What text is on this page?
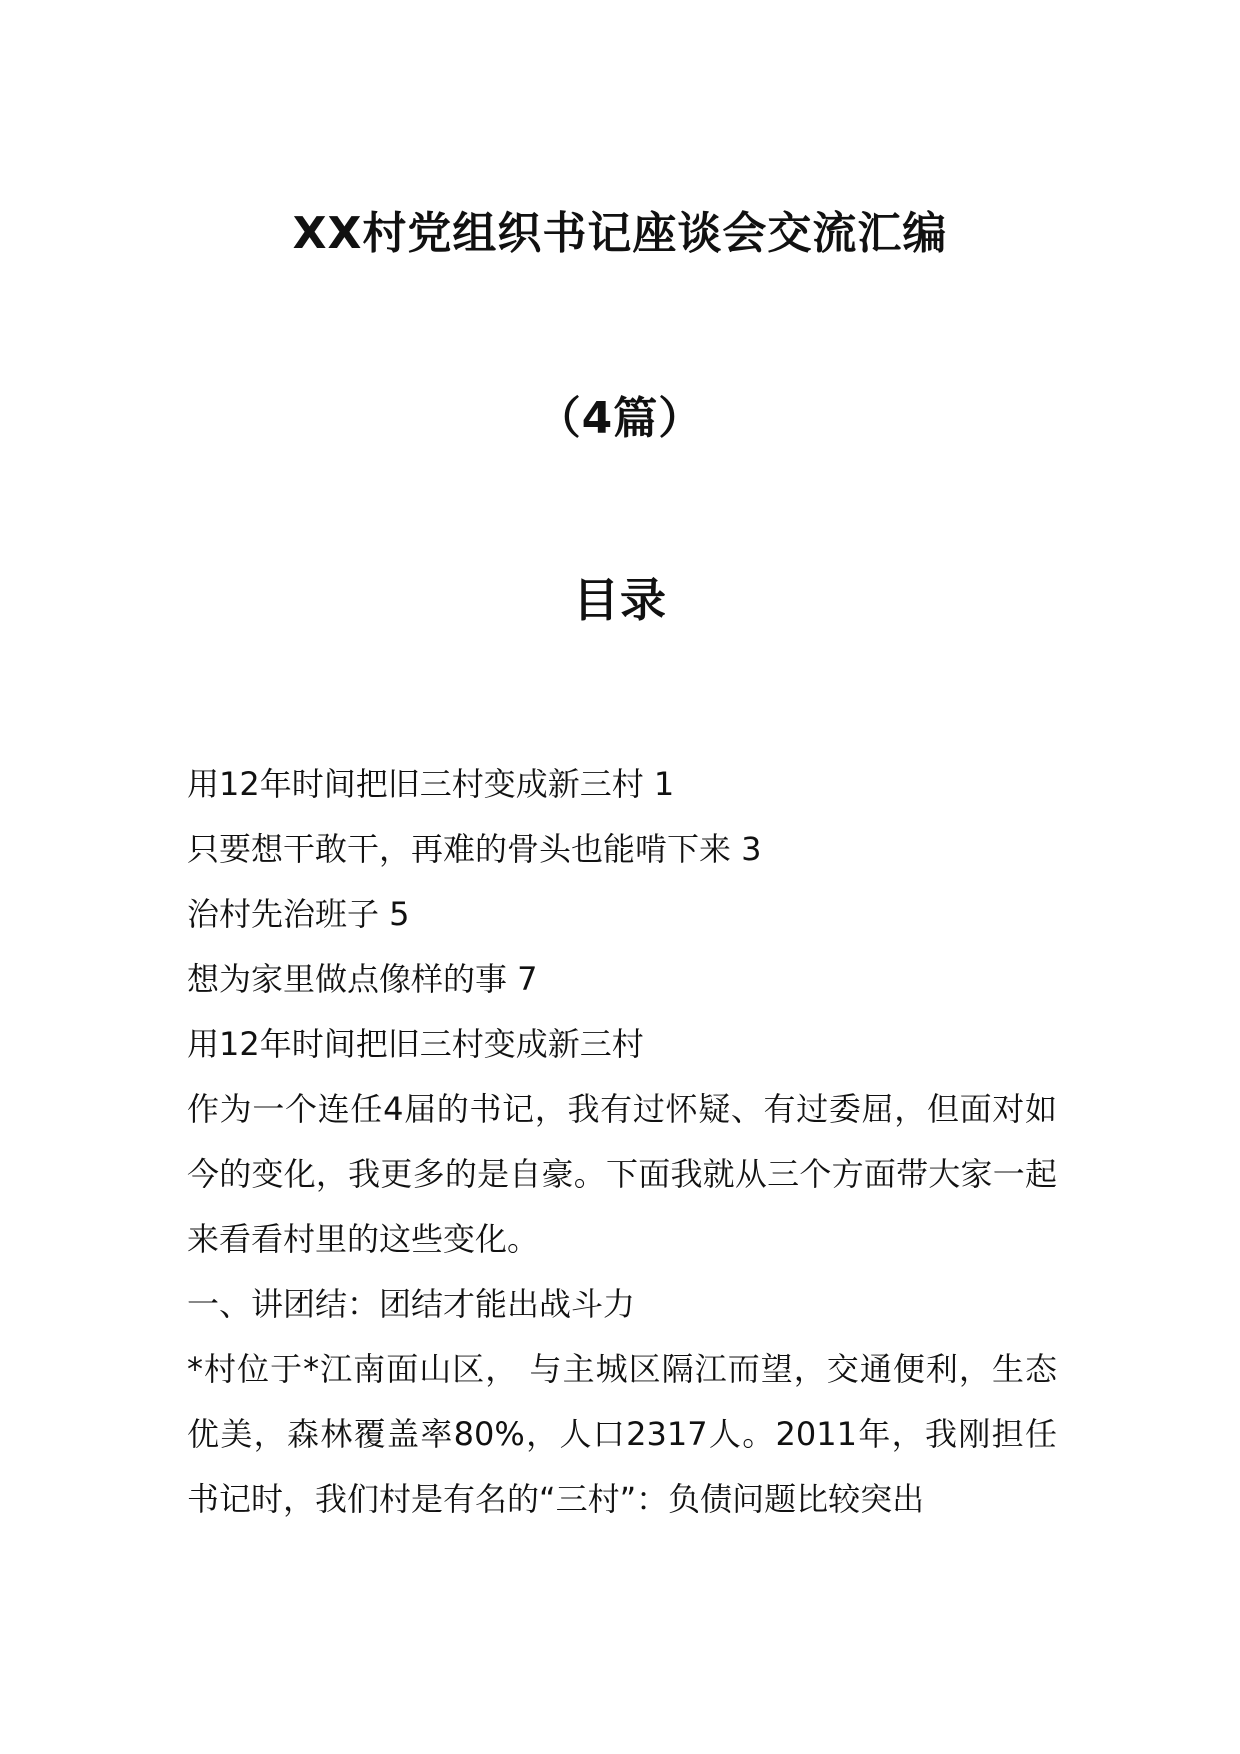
XX村党组织书记座谈会交流汇编
（4篇）
目录
用12年时间把旧三村变成新三村 1
只要想干敢干，再难的骨头也能啃下来 3
治村先治班子 5
想为家里做点像样的事 7

用12年时间把旧三村变成新三村

作为一个连任4届的书记，我有过怀疑、有过委屈，但面对如今的变化，我更多的是自豪。下面我就从三个方面带大家一起来看看村里的这些变化。

一、讲团结：团结才能出战斗力

*村位于*江南面山区， 与主城区隔江而望，交通便利，生态优美，森林覆盖率80%，人口2317人。2011年，我刚担任书记时，我们村是有名的“三村”：负债问题比较突出
